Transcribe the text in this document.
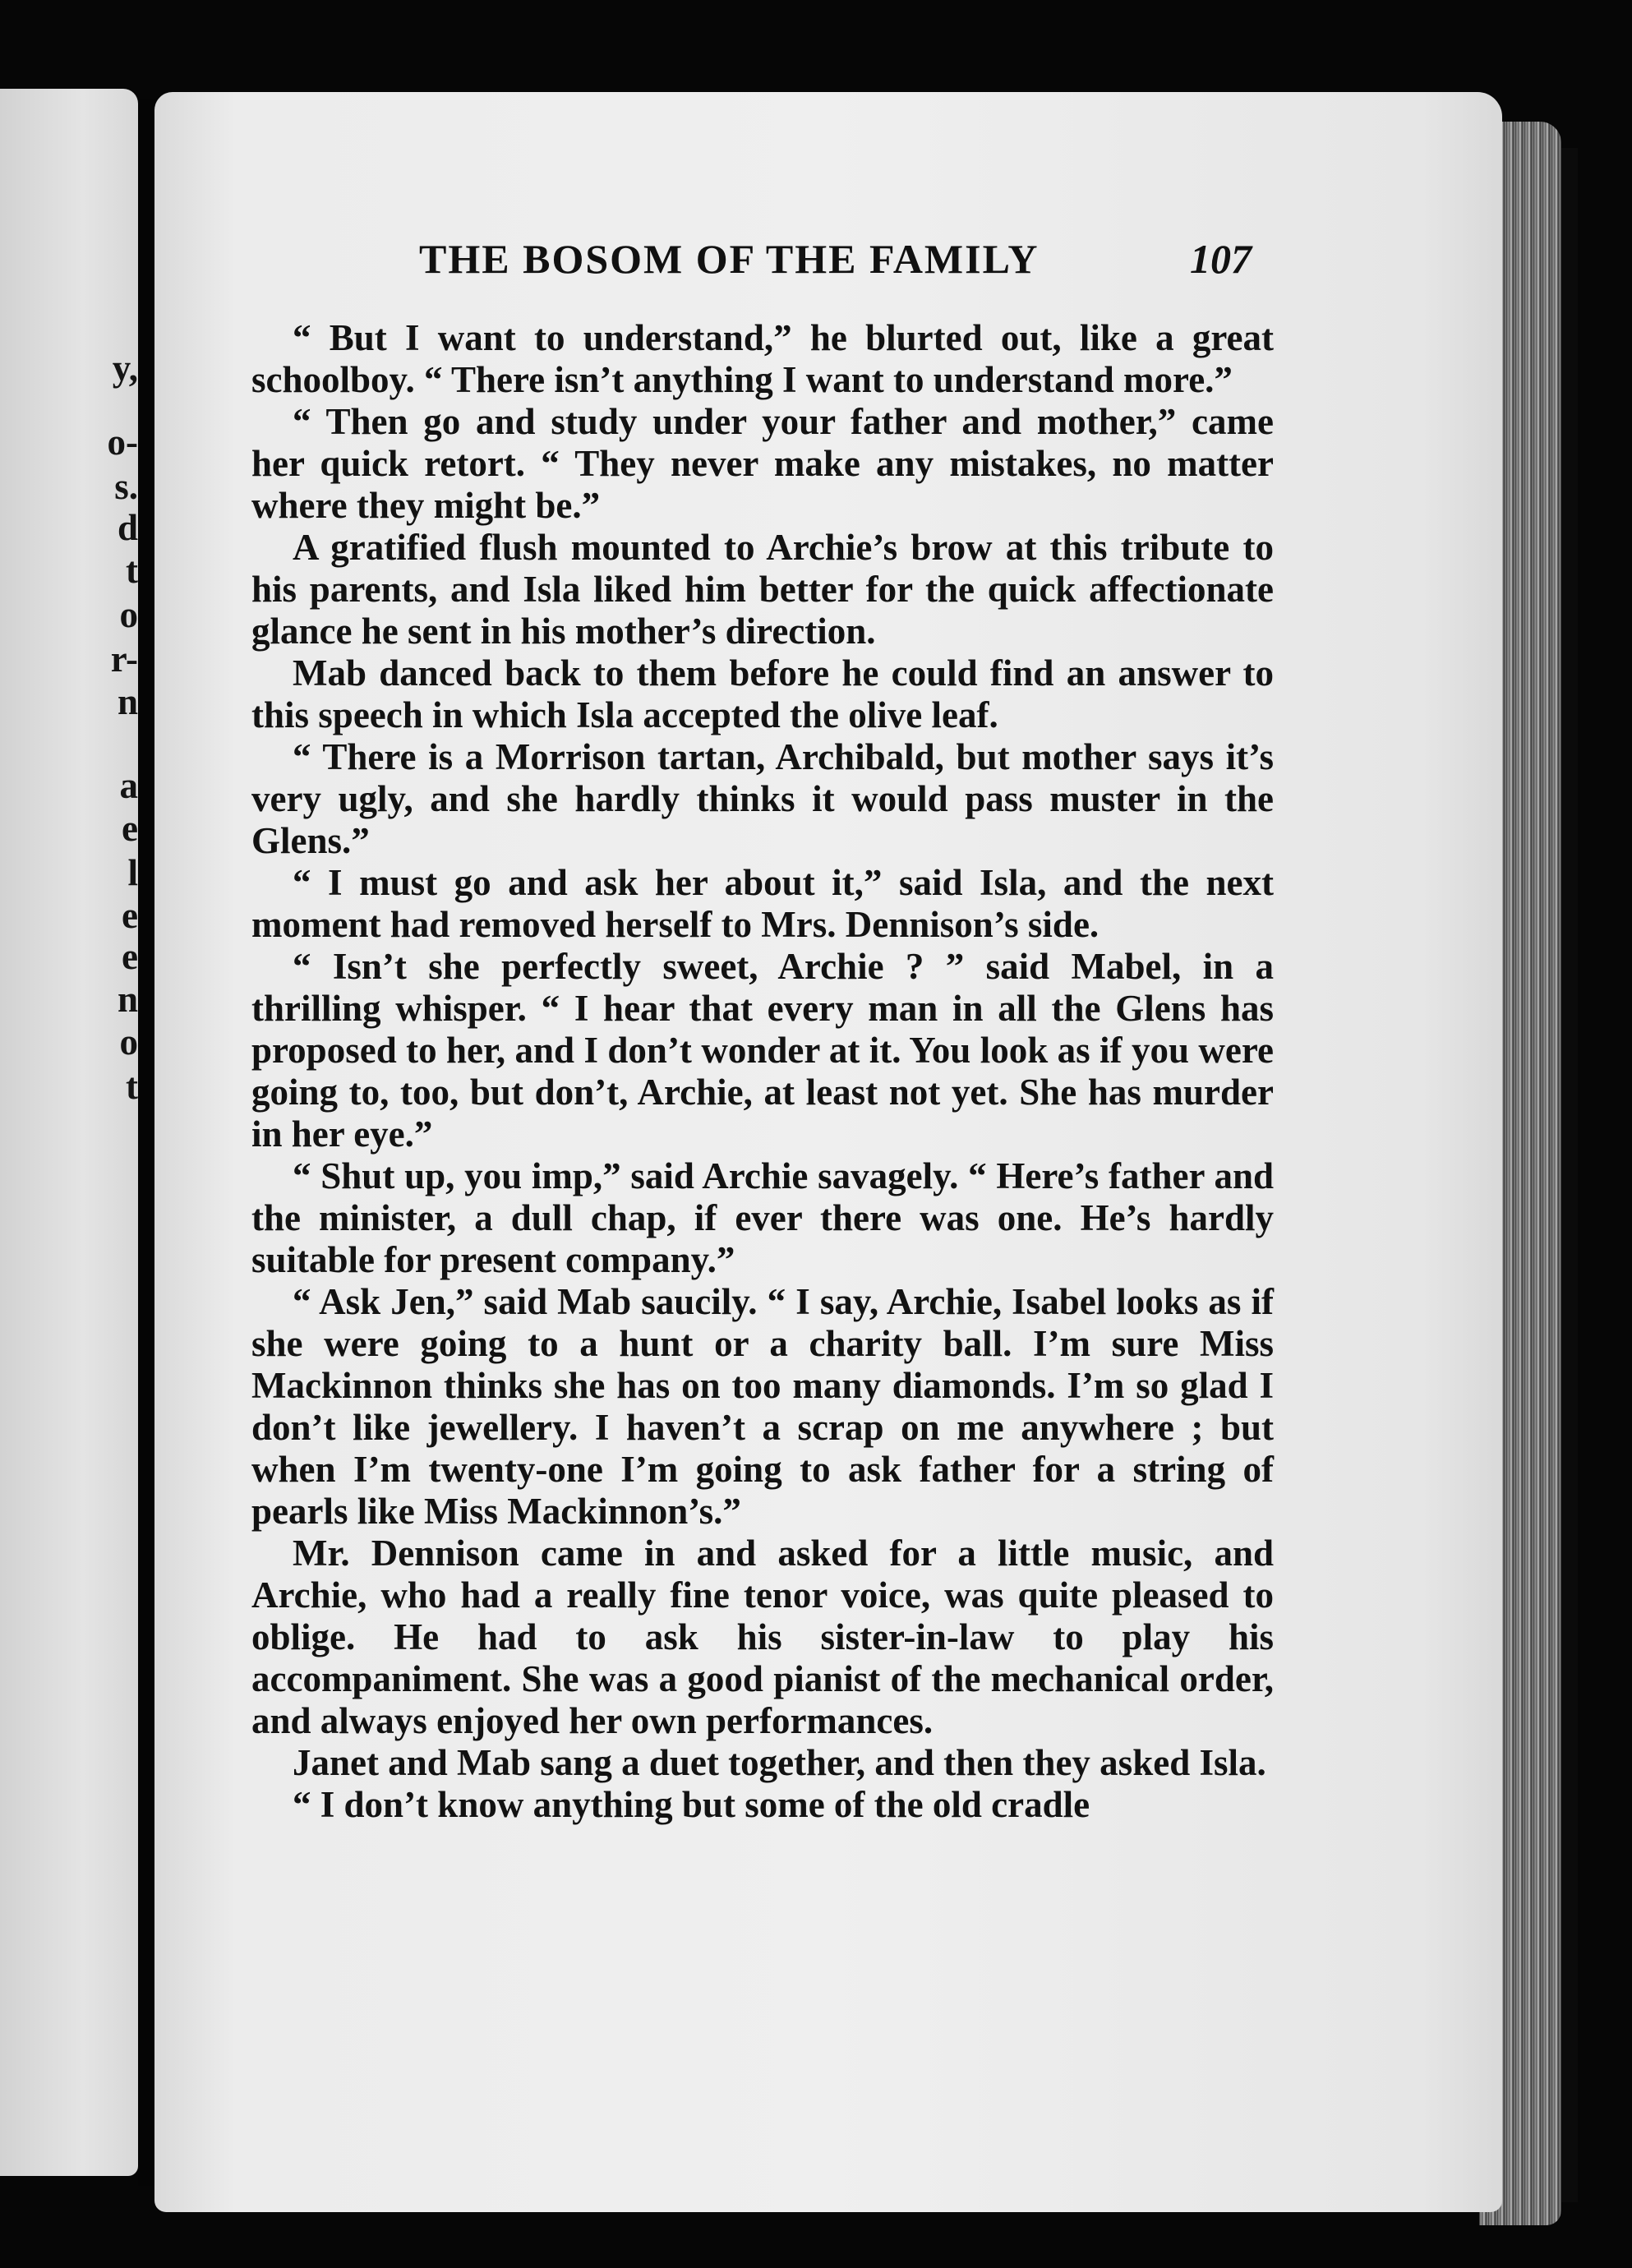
y,
o-
s.
d
t
o
r-
n
a
e
l
e
e
n
o
t
THE BOSOM OF THE FAMILY	107

“ But I want to understand,” he blurted out, like a great schoolboy. “ There isn’t anything I want to understand more.”

“ Then go and study under your father and mother,” came her quick retort. “ They never make any mistakes, no matter where they might be.”

A gratified flush mounted to Archie’s brow at this tribute to his parents, and Isla liked him better for the quick affectionate glance he sent in his mother’s direction.

Mab danced back to them before he could find an answer to this speech in which Isla accepted the olive leaf.

“ There is a Morrison tartan, Archibald, but mother says it’s very ugly, and she hardly thinks it would pass muster in the Glens.”

“ I must go and ask her about it,” said Isla, and the next moment had removed herself to Mrs. Dennison’s side.

“ Isn’t she perfectly sweet, Archie ? ” said Mabel, in a thrilling whisper. “ I hear that every man in all the Glens has proposed to her, and I don’t wonder at it. You look as if you were going to, too, but don’t, Archie, at least not yet. She has murder in her eye.”

“ Shut up, you imp,” said Archie savagely. “ Here’s father and the minister, a dull chap, if ever there was one. He’s hardly suitable for present company.”

“ Ask Jen,” said Mab saucily. “ I say, Archie, Isabel looks as if she were going to a hunt or a charity ball. I’m sure Miss Mackinnon thinks she has on too many diamonds. I’m so glad I don’t like jewellery. I haven’t a scrap on me anywhere ; but when I’m twenty-one I’m going to ask father for a string of pearls like Miss Mackinnon’s.”

Mr. Dennison came in and asked for a little music, and Archie, who had a really fine tenor voice, was quite pleased to oblige. He had to ask his sister-in-law to play his accompaniment. She was a good pianist of the mechanical order, and always enjoyed her own performances.

Janet and Mab sang a duet together, and then they asked Isla.

“ I don’t know anything but some of the old cradle
